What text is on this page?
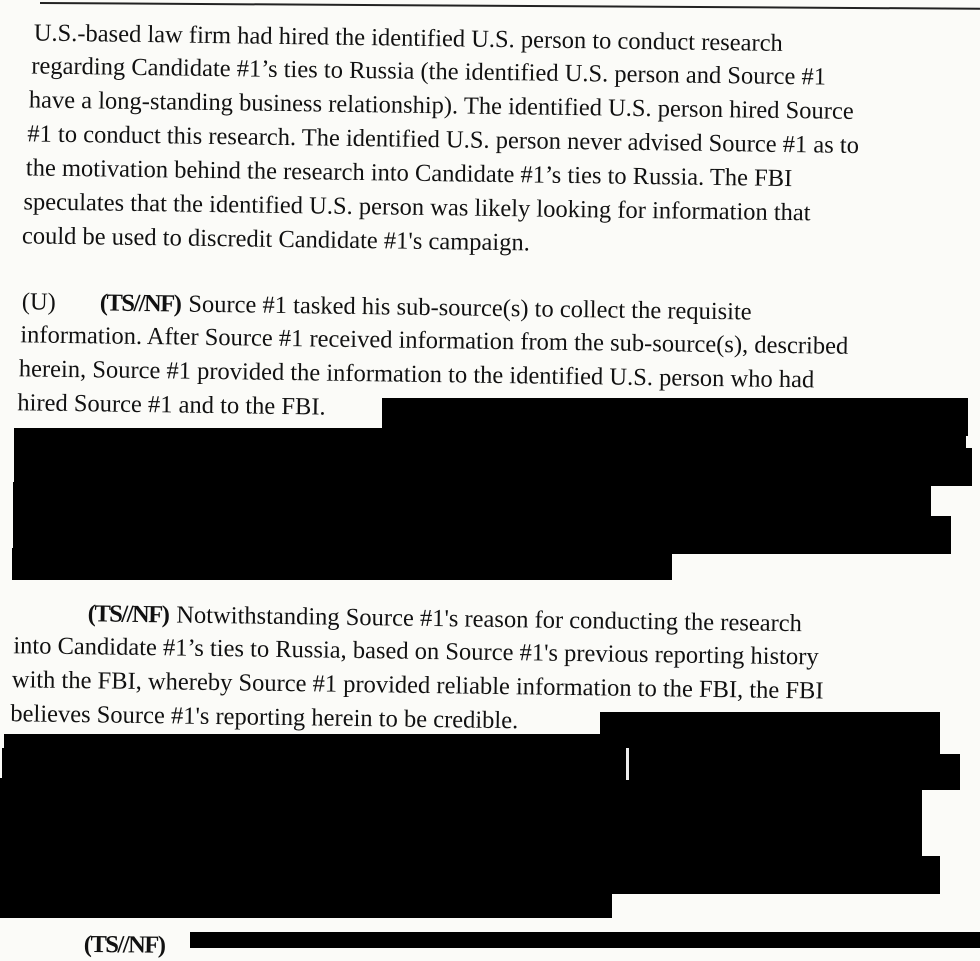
U.S.-based law firm had hired the identified U.S. person to conduct research
regarding Candidate #1’s ties to Russia (the identified U.S. person and Source #1
have a long-standing business relationship). The identified U.S. person hired Source
#1 to conduct this research. The identified U.S. person never advised Source #1 as to
the motivation behind the research into Candidate #1’s ties to Russia. The FBI
speculates that the identified U.S. person was likely looking for information that
could be used to discredit Candidate #1's campaign.
(U) (TS//NF) Source #1 tasked his sub-source(s) to collect the requisite
information. After Source #1 received information from the sub-source(s), described
herein, Source #1 provided the information to the identified U.S. person who had
hired Source #1 and to the FBI.
(TS//NF) Notwithstanding Source #1's reason for conducting the research
into Candidate #1’s ties to Russia, based on Source #1's previous reporting history
with the FBI, whereby Source #1 provided reliable information to the FBI, the FBI
believes Source #1's reporting herein to be credible.
(TS//NF)
